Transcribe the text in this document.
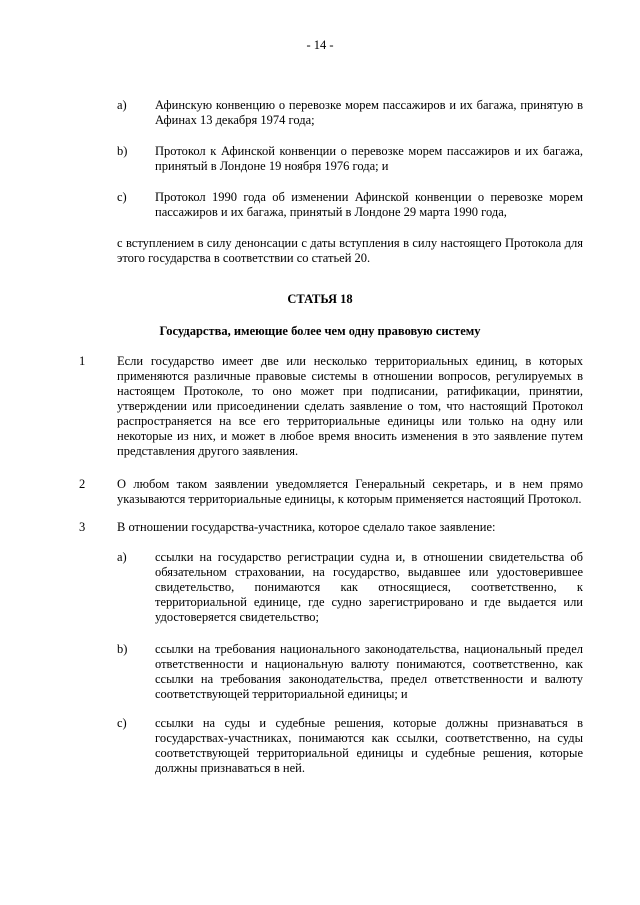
- 14 -
a) Афинскую конвенцию о перевозке морем пассажиров и их багажа, принятую в Афинах 13 декабря 1974 года;
b) Протокол к Афинской конвенции о перевозке морем пассажиров и их багажа, принятый в Лондоне 19 ноября 1976 года; и
c) Протокол 1990 года об изменении Афинской конвенции о перевозке морем пассажиров и их багажа, принятый в Лондоне 29 марта 1990 года,
с вступлением в силу денонсации с даты вступления в силу настоящего Протокола для этого государства в соответствии со статьей 20.
СТАТЬЯ 18
Государства, имеющие более чем одну правовую систему
1	Если государство имеет две или несколько территориальных единиц, в которых применяются различные правовые системы в отношении вопросов, регулируемых в настоящем Протоколе, то оно может при подписании, ратификации, принятии, утверждении или присоединении сделать заявление о том, что настоящий Протокол распространяется на все его территориальные единицы или только на одну или некоторые из них, и может в любое время вносить изменения в это заявление путем представления другого заявления.
2	О любом таком заявлении уведомляется Генеральный секретарь, и в нем прямо указываются территориальные единицы, к которым применяется настоящий Протокол.
3	В отношении государства-участника, которое сделало такое заявление:
a) ссылки на государство регистрации судна и, в отношении свидетельства об обязательном страховании, на государство, выдавшее или удостоверившее свидетельство, понимаются как относящиеся, соответственно, к территориальной единице, где судно зарегистрировано и где выдается или удостоверяется свидетельство;
b) ссылки на требования национального законодательства, национальный предел ответственности и национальную валюту понимаются, соответственно, как ссылки на требования законодательства, предел ответственности и валюту соответствующей территориальной единицы; и
c) ссылки на суды и судебные решения, которые должны признаваться в государствах-участниках, понимаются как ссылки, соответственно, на суды соответствующей территориальной единицы и судебные решения, которые должны признаваться в ней.
